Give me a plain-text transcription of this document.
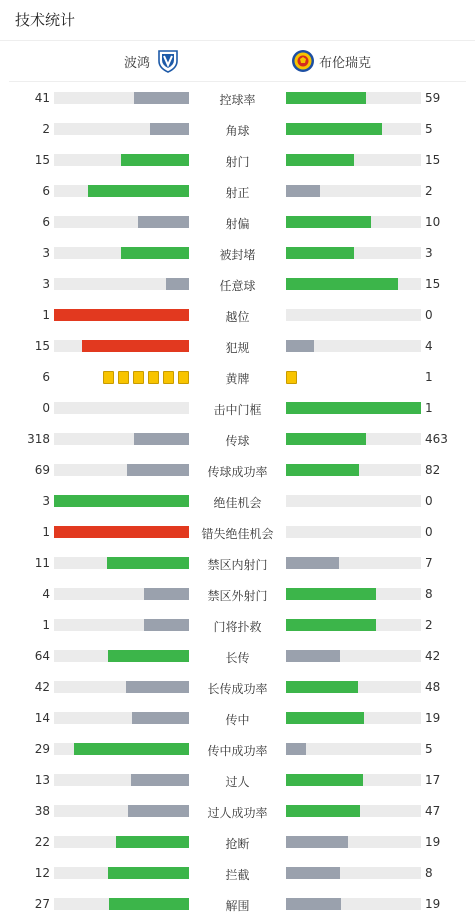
技术统计
波鸿	布伦瑞克
41	控球率	59
2	角球	5
15	射门	15
6	射正	2
6	射偏	10
3	被封堵	3
3	任意球	15
1	越位	0
15	犯规	4
6	黄牌	1
0	击中门框	1
318	传球	463
69	传球成功率	82
3	绝佳机会	0
1	错失绝佳机会	0
11	禁区内射门	7
4	禁区外射门	8
1	门将扑救	2
64	长传	42
42	长传成功率	48
14	传中	19
29	传中成功率	5
13	过人	17
38	过人成功率	47
22	抢断	19
12	拦截	8
27	解围	19
